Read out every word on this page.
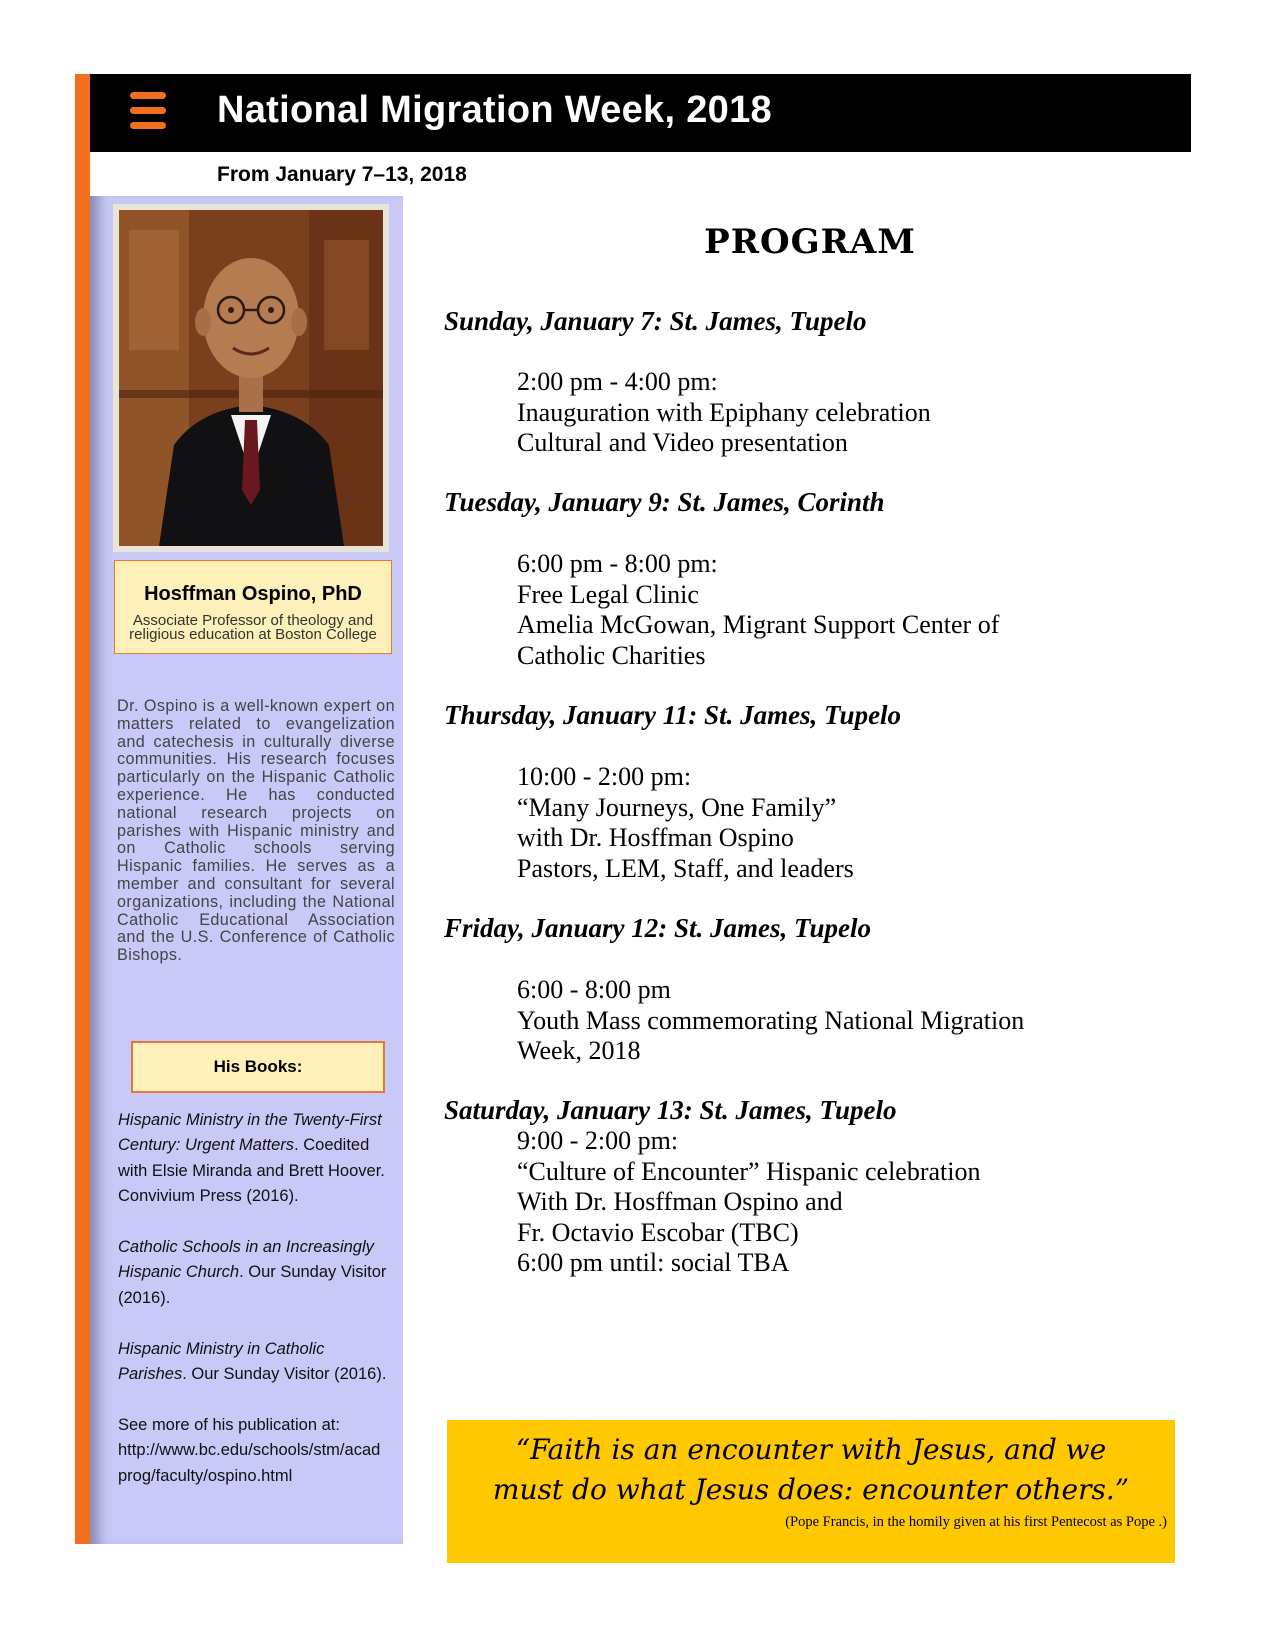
National Migration Week, 2018
From January 7–13, 2018
Hosffman Ospino, PhD
Associate Professor of theology and religious education at Boston College
Dr. Ospino is a well-known expert on matters related to evangelization and catechesis in culturally diverse communities. His research focuses particularly on the Hispanic Catholic experience. He has conducted national research projects on parishes with Hispanic ministry and on Catholic schools serving Hispanic families. He serves as a member and consultant for several organizations, including the National Catholic Educational Association and the U.S. Conference of Catholic Bishops.
His Books:

Hispanic Ministry in the Twenty-First Century: Urgent Matters. Coedited with Elsie Miranda and Brett Hoover. Convivium Press (2016).

Catholic Schools in an Increasingly Hispanic Church. Our Sunday Visitor (2016).

Hispanic Ministry in Catholic Parishes. Our Sunday Visitor (2016).

See more of his publication at:
http://www.bc.edu/schools/stm/acadprog/faculty/ospino.html

PROGRAM
Sunday, January 7: St. James, Tupelo
2:00 pm - 4:00 pm:
Inauguration with Epiphany celebration
Cultural and Video presentation
Tuesday, January 9: St. James, Corinth
6:00 pm - 8:00 pm:
Free Legal Clinic
Amelia McGowan, Migrant Support Center of
Catholic Charities
Thursday, January 11: St. James, Tupelo
10:00 - 2:00 pm:
“Many Journeys, One Family”
with Dr. Hosffman Ospino
Pastors, LEM, Staff, and leaders
Friday, January 12: St. James, Tupelo
6:00 - 8:00 pm
Youth Mass commemorating National Migration
Week, 2018
Saturday, January 13: St. James, Tupelo
9:00 - 2:00 pm:
“Culture of Encounter” Hispanic celebration
With Dr. Hosffman Ospino and
Fr. Octavio Escobar (TBC)
6:00 pm until: social TBA
“Faith is an encounter with Jesus, and we
must do what Jesus does: encounter others.”
(Pope Francis, in the homily given at his first Pentecost as Pope .)
